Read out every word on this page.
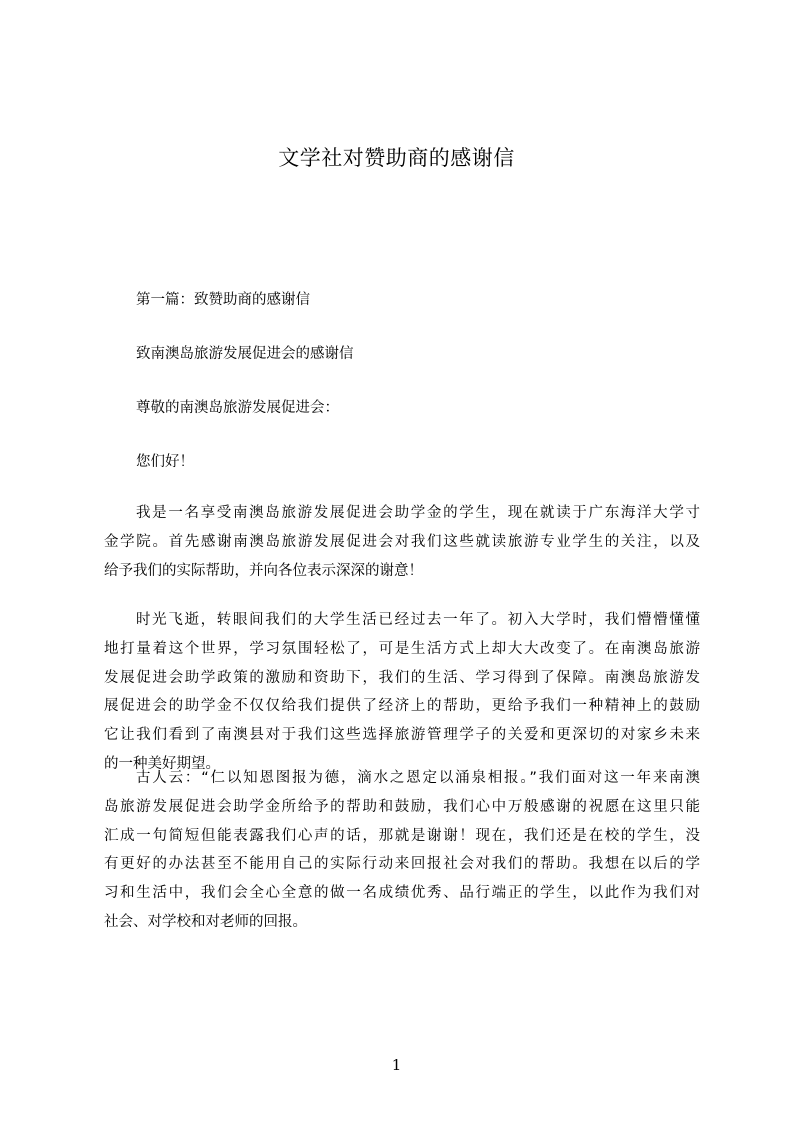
文学社对赞助商的感谢信
第一篇：致赞助商的感谢信
致南澳岛旅游发展促进会的感谢信
尊敬的南澳岛旅游发展促进会：
您们好！
我是一名享受南澳岛旅游发展促进会助学金的学生，现在就读于广东海洋大学寸
金学院。首先感谢南澳岛旅游发展促进会对我们这些就读旅游专业学生的关注，以及
给予我们的实际帮助，并向各位表示深深的谢意！
时光飞逝，转眼间我们的大学生活已经过去一年了。初入大学时，我们懵懵懂懂
地打量着这个世界，学习氛围轻松了，可是生活方式上却大大改变了。在南澳岛旅游
发展促进会助学政策的激励和资助下，我们的生活、学习得到了保障。南澳岛旅游发
展促进会的助学金不仅仅给我们提供了经济上的帮助，更给予我们一种精神上的鼓励
它让我们看到了南澳县对于我们这些选择旅游管理学子的关爱和更深切的对家乡未来
的一种美好期望。
古人云：“仁以知恩图报为德，滴水之恩定以涌泉相报。”我们面对这一年来南澳
岛旅游发展促进会助学金所给予的帮助和鼓励，我们心中万般感谢的祝愿在这里只能
汇成一句简短但能表露我们心声的话，那就是谢谢！现在，我们还是在校的学生，没
有更好的办法甚至不能用自己的实际行动来回报社会对我们的帮助。我想在以后的学
习和生活中，我们会全心全意的做一名成绩优秀、品行端正的学生，以此作为我们对
社会、对学校和对老师的回报。
1
